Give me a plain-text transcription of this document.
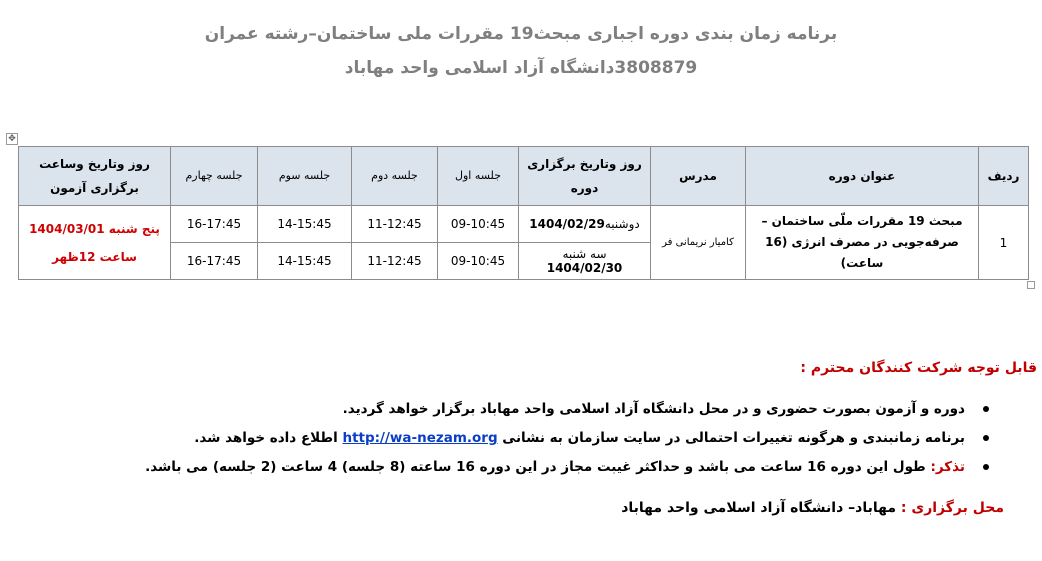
برنامه زمان بندی دوره اجباری مبحث19 مقررات ملی ساختمان–رشته عمران
3808879دانشگاه آزاد اسلامی واحد مهاباد
✥
ردیف	عنوان دوره	مدرس	روز وتاریخ برگزاری دوره	جلسه اول	جلسه دوم	جلسه سوم	جلسه چهارم	روز وتاریخ وساعت برگزاری آزمون
1	مبحث 19 مقررات ملّی ساختمان – صرفه‌جویی در مصرف انرژی (16 ساعت)	کامیار نریمانی فر	دوشنبه1404/02/29	09-10:45	11-12:45	14-15:45	16-17:45	پنج شنبه 1404/03/01
ساعت 12ظهر

			سه شنبه 1404/02/30	09-10:45	11-12:45	14-15:45	16-17:45	
قابل توجه شرکت کنندگان محترم :
دوره و آزمون بصورت حضوری و در محل دانشگاه آزاد اسلامی واحد مهاباد برگزار خواهد گردید.
برنامه زمانبندی و هرگونه تغییرات احتمالی در سایت سازمان به نشانی http://wa-nezam.org اطلاع داده خواهد شد.
تذکر: طول این دوره 16 ساعت می باشد و حداکثر غیبت مجاز در این دوره 16 ساعته (8 جلسه) 4 ساعت (2 جلسه) می باشد.
محل برگزاری : مهاباد– دانشگاه آزاد اسلامی واحد مهاباد
